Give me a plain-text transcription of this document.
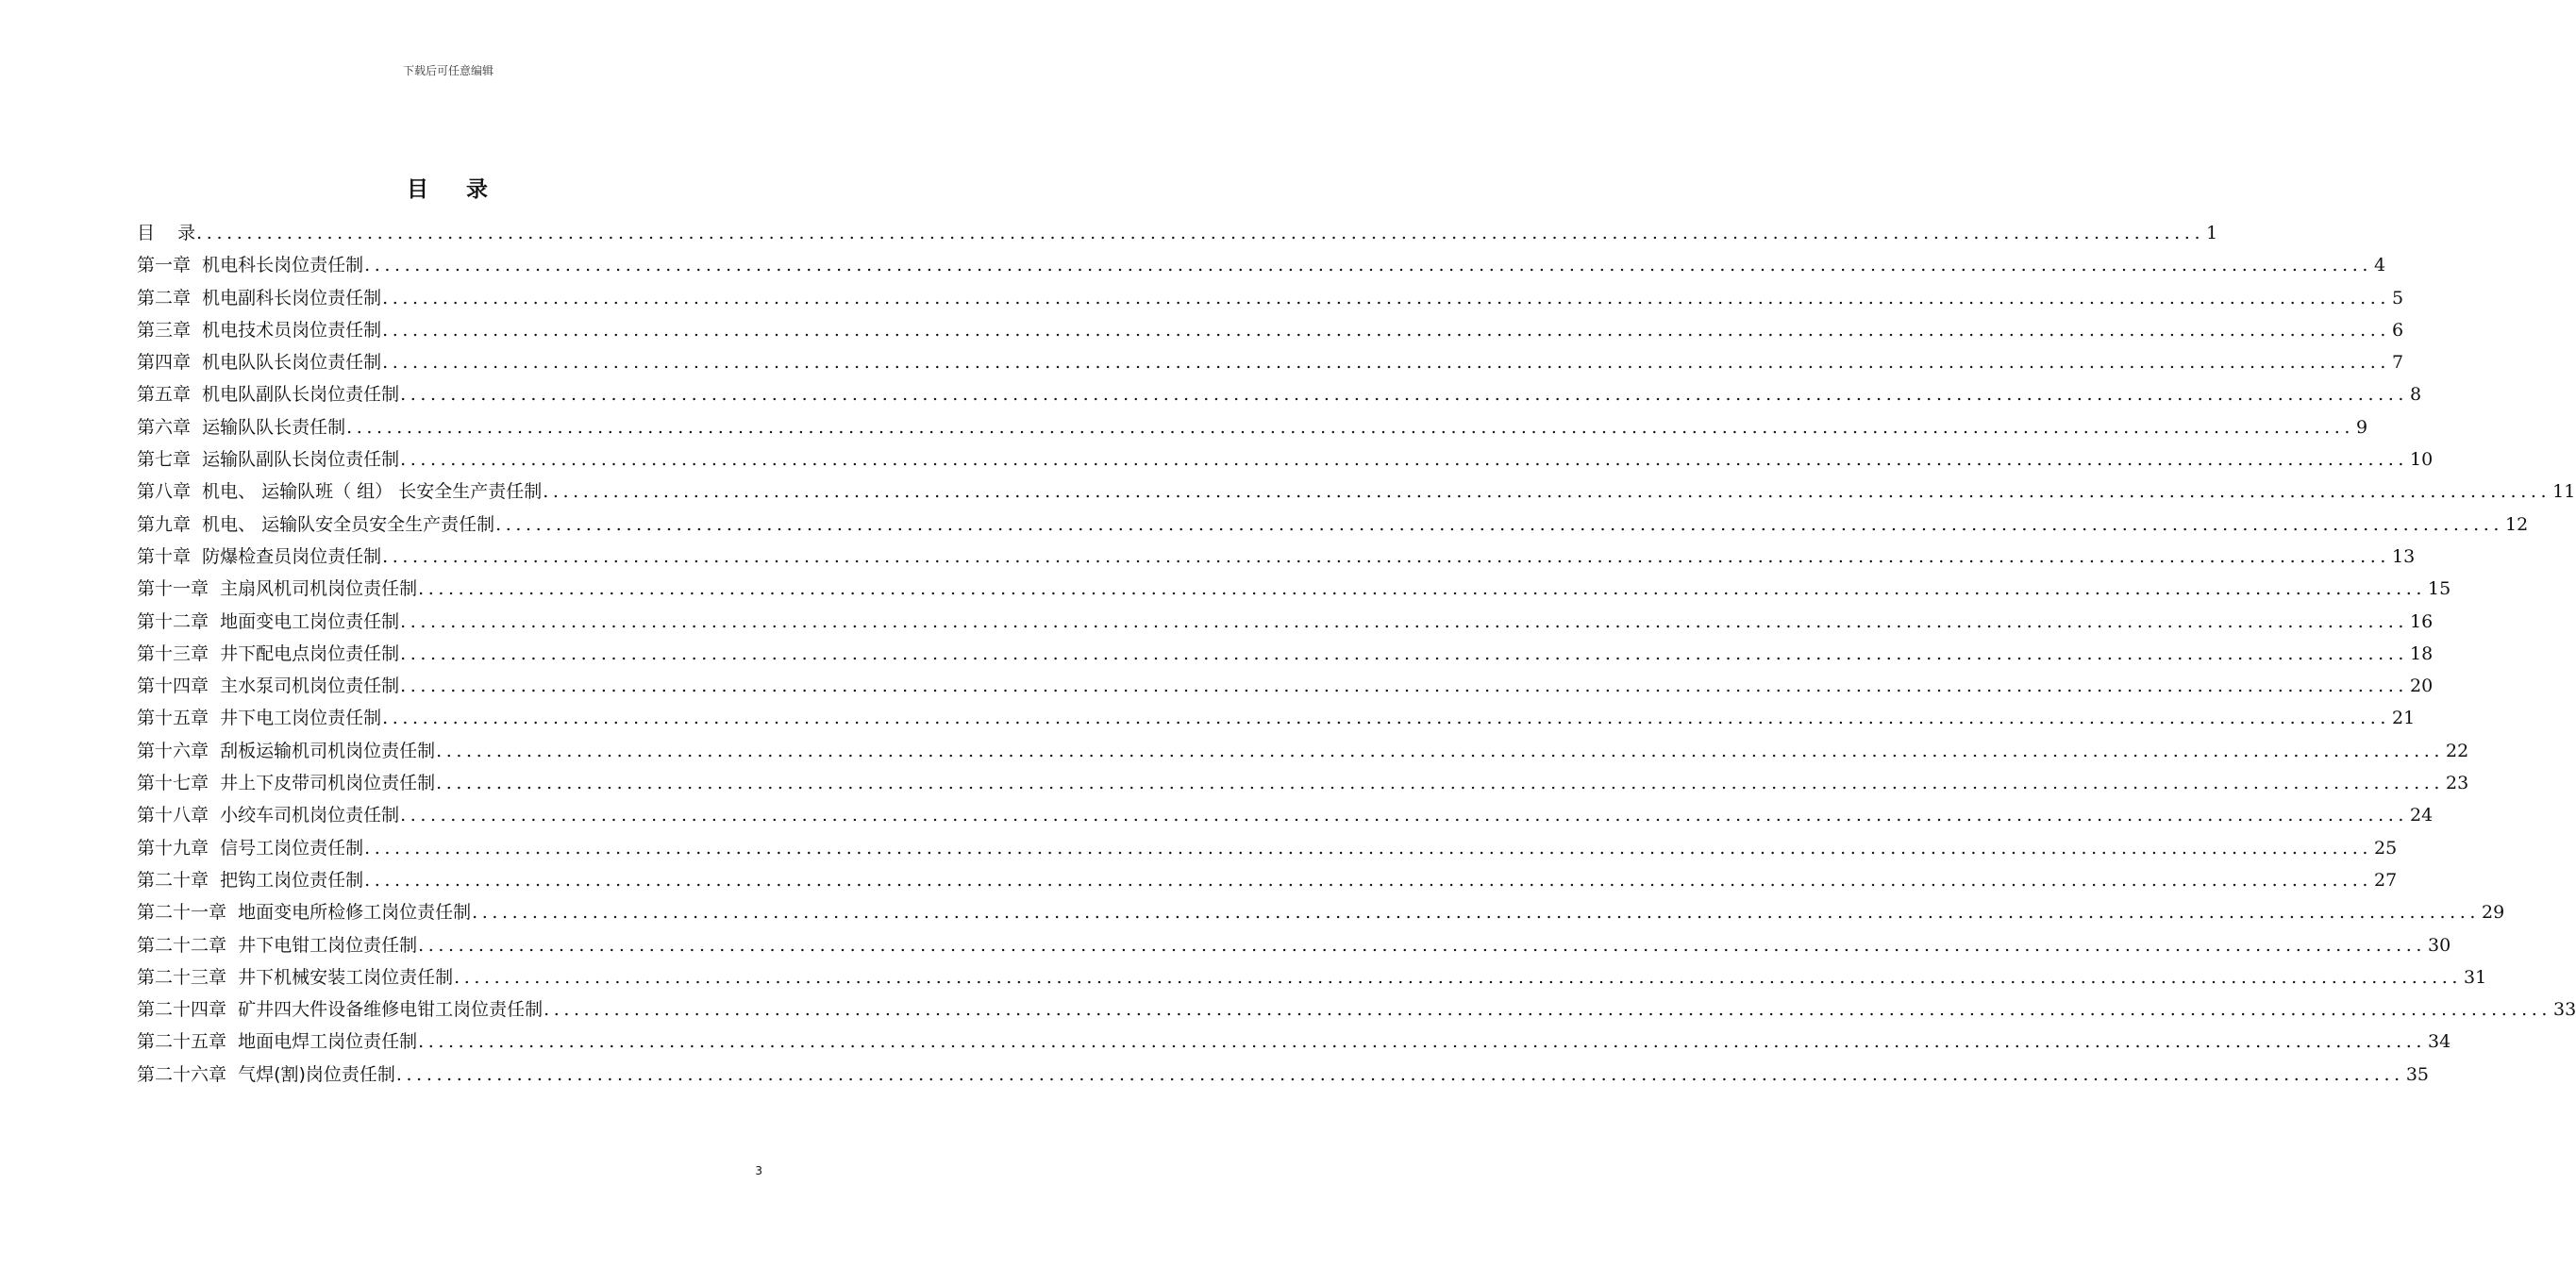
下载后可任意编辑
目 录
目    录 ........................................................................................................................................................................................................ 1
第一章  机电科长岗位责任制 ........................................................................................................................................................................................................ 4
第二章  机电副科长岗位责任制 ........................................................................................................................................................................................................ 5
第三章  机电技术员岗位责任制 ........................................................................................................................................................................................................ 6
第四章  机电队队长岗位责任制 ........................................................................................................................................................................................................ 7
第五章  机电队副队长岗位责任制 ........................................................................................................................................................................................................ 8
第六章  运输队队长责任制 ........................................................................................................................................................................................................ 9
第七章  运输队副队长岗位责任制 ........................................................................................................................................................................................................ 10
第八章  机电、 运输队班（ 组） 长安全生产责任制 ........................................................................................................................................................................................................ 11
第九章  机电、 运输队安全员安全生产责任制 ........................................................................................................................................................................................................ 12
第十章  防爆检查员岗位责任制 ........................................................................................................................................................................................................ 13
第十一章  主扇风机司机岗位责任制 ........................................................................................................................................................................................................ 15
第十二章  地面变电工岗位责任制 ........................................................................................................................................................................................................ 16
第十三章  井下配电点岗位责任制 ........................................................................................................................................................................................................ 18
第十四章  主水泵司机岗位责任制 ........................................................................................................................................................................................................ 20
第十五章  井下电工岗位责任制 ........................................................................................................................................................................................................ 21
第十六章  刮板运输机司机岗位责任制 ........................................................................................................................................................................................................ 22
第十七章  井上下皮带司机岗位责任制 ........................................................................................................................................................................................................ 23
第十八章  小绞车司机岗位责任制 ........................................................................................................................................................................................................ 24
第十九章  信号工岗位责任制 ........................................................................................................................................................................................................ 25
第二十章  把钩工岗位责任制 ........................................................................................................................................................................................................ 27
第二十一章  地面变电所检修工岗位责任制 ........................................................................................................................................................................................................ 29
第二十二章  井下电钳工岗位责任制 ........................................................................................................................................................................................................ 30
第二十三章  井下机械安装工岗位责任制 ........................................................................................................................................................................................................ 31
第二十四章  矿井四大件设备维修电钳工岗位责任制 ........................................................................................................................................................................................................ 33
第二十五章  地面电焊工岗位责任制 ........................................................................................................................................................................................................ 34
第二十六章  气焊(割)岗位责任制 ........................................................................................................................................................................................................ 35
3
